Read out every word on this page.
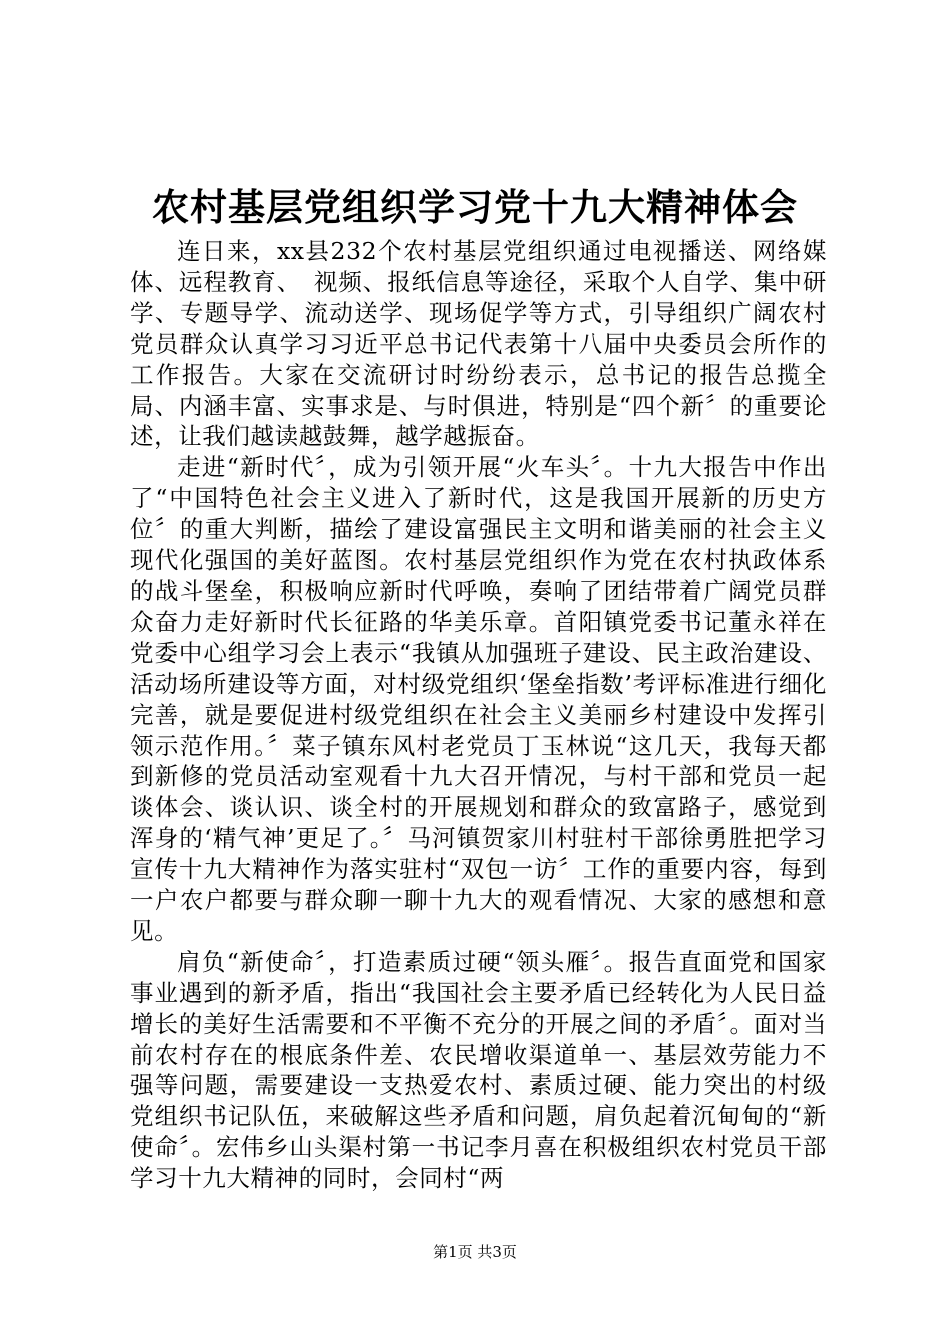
农村基层党组织学习党十九大精神体会

连日来，xx县232个农村基层党组织通过电视播送、网络媒体、远程教育、　视频、报纸信息等途径，采取个人自学、集中研学、专题导学、流动送学、现场促学等方式，引导组织广阔农村党员群众认真学习习近平总书记代表第十八届中央委员会所作的工作报告。大家在交流研讨时纷纷表示，总书记的报告总揽全局、内涵丰富、实事求是、与时俱进，特别是“四个新〞的重要论述，让我们越读越鼓舞，越学越振奋。

走进“新时代〞，成为引领开展“火车头〞。十九大报告中作出了“中国特色社会主义进入了新时代，这是我国开展新的历史方位〞的重大判断，描绘了建设富强民主文明和谐美丽的社会主义现代化强国的美好蓝图。农村基层党组织作为党在农村执政体系的战斗堡垒，积极响应新时代呼唤，奏响了团结带着广阔党员群众奋力走好新时代长征路的华美乐章。首阳镇党委书记董永祥在党委中心组学习会上表示“我镇从加强班子建设、民主政治建设、活动场所建设等方面，对村级党组织‘堡垒指数’考评标准进行细化完善，就是要促进村级党组织在社会主义美丽乡村建设中发挥引领示范作用。〞菜子镇东风村老党员丁玉林说“这几天，我每天都到新修的党员活动室观看十九大召开情况，与村干部和党员一起谈体会、谈认识、谈全村的开展规划和群众的致富路子，感觉到浑身的‘精气神’更足了。〞马河镇贺家川村驻村干部徐勇胜把学习宣传十九大精神作为落实驻村“双包一访〞工作的重要内容，每到一户农户都要与群众聊一聊十九大的观看情况、大家的感想和意见。

肩负“新使命〞，打造素质过硬“领头雁〞。报告直面党和国家事业遇到的新矛盾，指出“我国社会主要矛盾已经转化为人民日益增长的美好生活需要和不平衡不充分的开展之间的矛盾〞。面对当前农村存在的根底条件差、农民增收渠道单一、基层效劳能力不强等问题，需要建设一支热爱农村、素质过硬、能力突出的村级党组织书记队伍，来破解这些矛盾和问题，肩负起着沉甸甸的“新使命〞。宏伟乡山头渠村第一书记李月喜在积极组织农村党员干部学习十九大精神的同时，会同村“两

第1页 共3页
